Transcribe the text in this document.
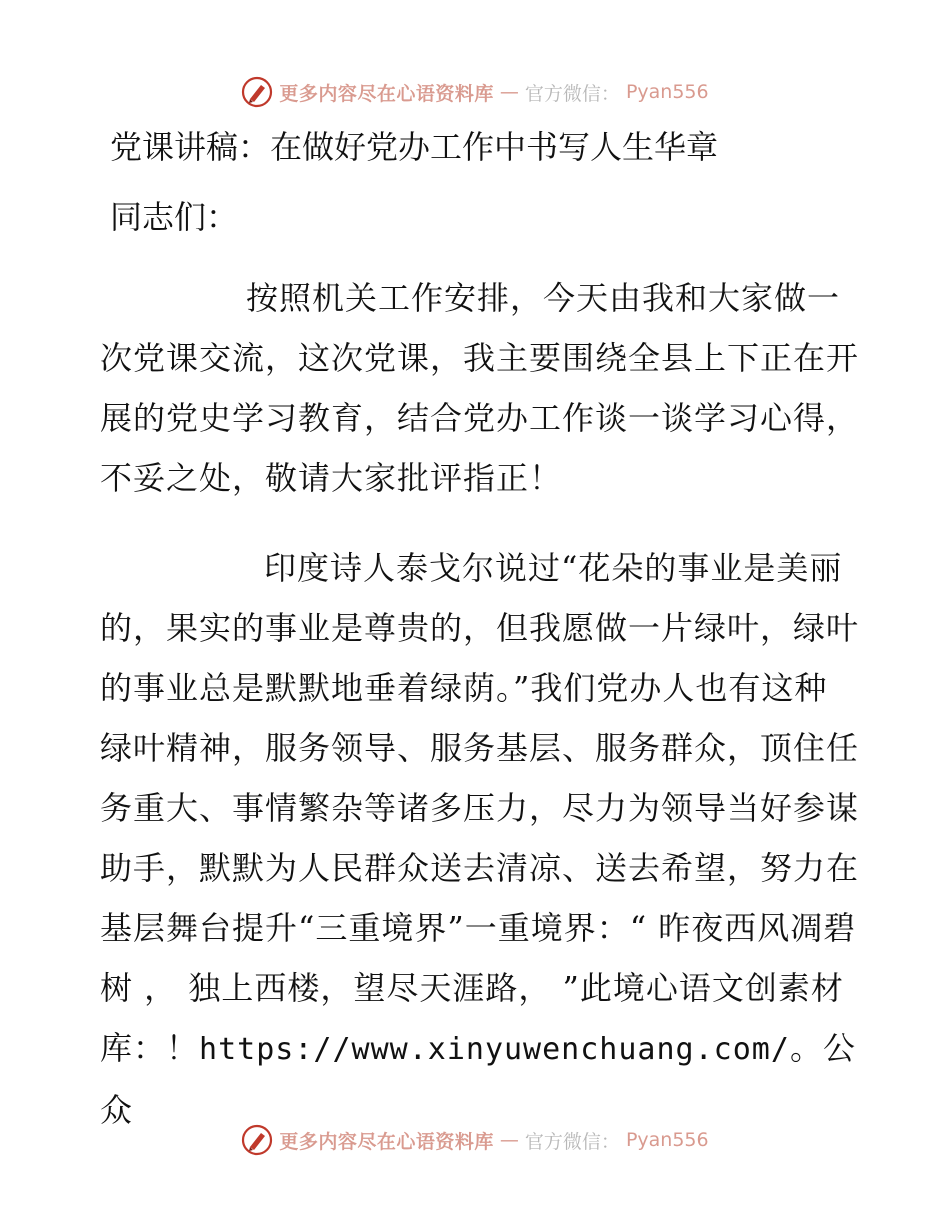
更多内容尽在心语资料库 — 官方微信： Pyan556
党课讲稿：在做好党办工作中书写人生华章

同志们：

按照机关工作安排，今天由我和大家做一次党课交流，这次党课，我主要围绕全县上下正在开展的党史学习教育，结合党办工作谈一谈学习心得，不妥之处，敬请大家批评指正！

印度诗人泰戈尔说过“花朵的事业是美丽的，果实的事业是尊贵的，但我愿做一片绿叶，绿叶的事业总是默默地垂着绿荫。”我们党办人也有这种绿叶精神，服务领导、服务基层、服务群众，顶住任务重大、事情繁杂等诸多压力，尽力为领导当好参谋助手，默默为人民群众送去清凉、送去希望，努力在基层舞台提升“三重境界”一重境界：“ 昨夜西风凋碧树 ， 独上西楼，望尽天涯路， ”此境心语文创素材库：！https://www.xinyuwenchuang.com/。公众

更多内容尽在心语资料库 — 官方微信： Pyan556
